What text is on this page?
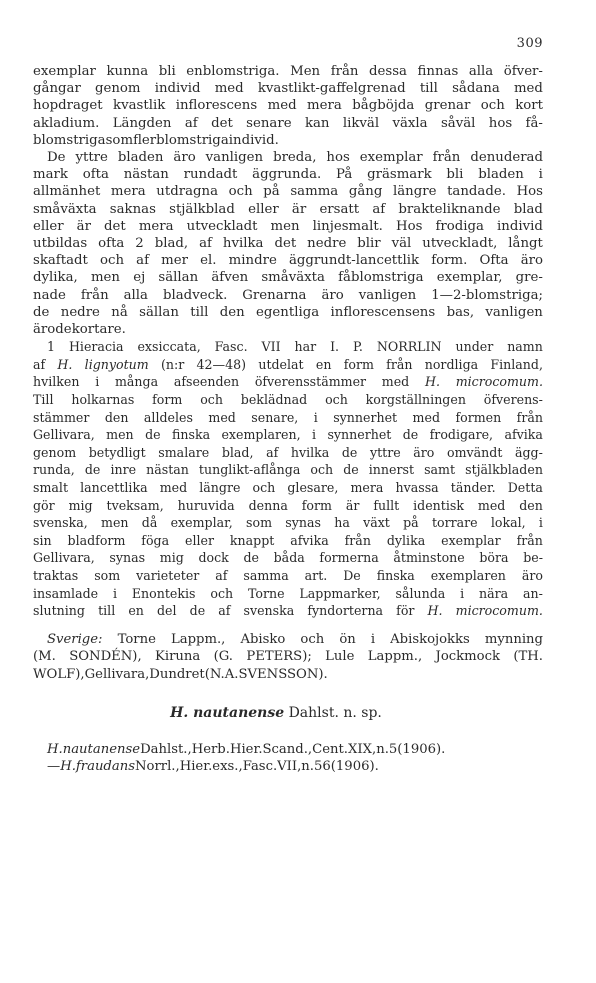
309
exemplar kunna bli enblomstriga. Men från dessa finnas alla öfver-
gångar genom individ med kvastlikt-gaffelgrenad till sådana med
hopdraget kvastlik inflorescens med mera bågböjda grenar och kort
akladium. Längden af det senare kan likväl växla såväl hos få-
blomstriga som flerblomstriga individ.
De yttre bladen äro vanligen breda, hos exemplar från denuderad
mark ofta nästan rundadt äggrunda. På gräsmark bli bladen i
allmänhet mera utdragna och på samma gång längre tandade. Hos
småväxta saknas stjälkblad eller är ersatt af brakteliknande blad
eller är det mera utveckladt men linjesmalt. Hos frodiga individ
utbildas ofta 2 blad, af hvilka det nedre blir väl utveckladt, långt
skaftadt och af mer el. mindre äggrundt-lancettlik form. Ofta äro
dylika, men ej sällan äfven småväxta fåblomstriga exemplar, gre-
nade från alla bladveck. Grenarna äro vanligen 1—2-blomstriga;
de nedre nå sällan till den egentliga inflorescensens bas, vanligen
äro de kortare.
1 Hieracia exsiccata, Fasc. VII har I. P. NORRLIN under namn
af H. lignyotum (n:r 42—48) utdelat en form från nordliga Finland,
hvilken i många afseenden öfverensstämmer med H. microcomum.
Till holkarnas form och beklädnad och korgställningen öfverens-
stämmer den alldeles med senare, i synnerhet med formen från
Gellivara, men de finska exemplaren, i synnerhet de frodigare, afvika
genom betydligt smalare blad, af hvilka de yttre äro omvändt ägg-
runda, de inre nästan tunglikt-aflånga och de innerst samt stjälkbladen
smalt lancettlika med längre och glesare, mera hvassa tänder. Detta
gör mig tveksam, huruvida denna form är fullt identisk med den
svenska, men då exemplar, som synas ha växt på torrare lokal, i
sin bladform föga eller knappt afvika från dylika exemplar från
Gellivara, synas mig dock de båda formerna åtminstone böra be-
traktas som varieteter af samma art. De finska exemplaren äro
insamlade i Enontekis och Torne Lappmarker, sålunda i nära an-
slutning till en del de af svenska fyndorterna för H. microcomum.
Sverige: Torne Lappm., Abisko och ön i Abiskojokks mynning
(M. SONDÉN), Kiruna (G. PETERS); Lule Lappm., Jockmock (TH.
WOLF), Gellivara, Dundret (N. A. SVENSSON).
H. nautanense Dahlst. n. sp.
H. nautanense Dahlst., Herb. Hier. Scand., Cent. XIX, n. 5 (1906).
— H. fraudans Norrl., Hier. exs., Fasc. VII, n. 56 (1906).
